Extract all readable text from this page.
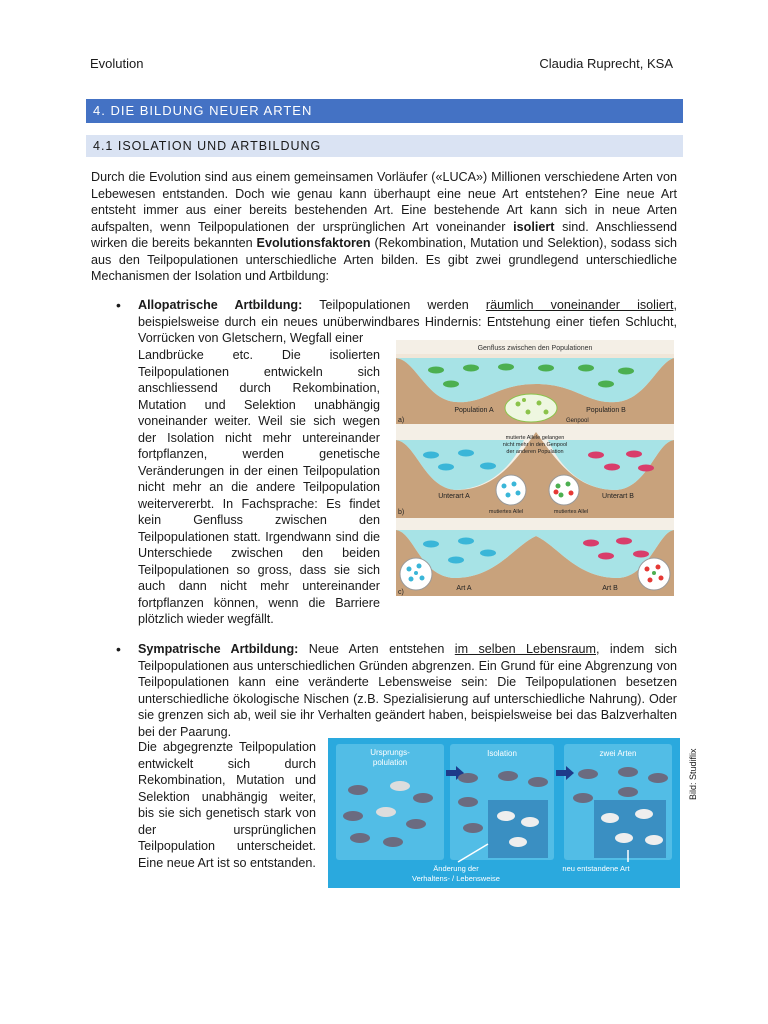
Evolution	Claudia Ruprecht, KSA
4. DIE BILDUNG NEUER ARTEN
4.1 ISOLATION UND ARTBILDUNG
Durch die Evolution sind aus einem gemeinsamen Vorläufer («LUCA») Millionen verschiedene Arten von Lebewesen entstanden. Doch wie genau kann überhaupt eine neue Art entstehen? Eine neue Art entsteht immer aus einer bereits bestehenden Art. Eine bestehende Art kann sich in neue Arten aufspalten, wenn Teilpopulationen der ursprünglichen Art voneinander isoliert sind. Anschliessend wirken die bereits bekannten Evolutionsfaktoren (Rekombination, Mutation und Selektion), sodass sich aus den Teilpopulationen unterschiedliche Arten bilden. Es gibt zwei grundlegend unterschiedliche Mechanismen der Isolation und Artbildung:
• Allopatrische Artbildung: Teilpopulationen werden räumlich voneinander isoliert, beispielsweise durch ein neues unüberwindbares Hindernis: Entstehung einer tiefen Schlucht, Vorrücken von Gletschern, Wegfall einer
Landbrücke etc. Die isolierten Teilpopulationen entwickeln sich anschliessend durch Rekombination, Mutation und Selektion unabhängig voneinander weiter. Weil sie sich wegen der Isolation nicht mehr untereinander fortpflanzen, werden genetische Veränderungen in der einen Teilpopulation nicht mehr an die andere Teilpopulation weitervererbt. In Fachsprache: Es findet kein Genfluss zwischen den Teilpopulationen statt. Irgendwann sind die Unterschiede zwischen den beiden Teilpopulationen so gross, dass sie sich auch dann nicht mehr untereinander fortpflanzen können, wenn die Barriere plötzlich wieder wegfällt.
Genfluss zwischen den Populationen
Population A	Population B
Genpool
a)
mutierte Allele gelangen
nicht mehr in den Genpool
der anderen Population
Unterart A	Unterart B
mutiertes Allel	mutiertes Allel
b)
Art A	Art B
c)
• Sympatrische Artbildung: Neue Arten entstehen im selben Lebensraum, indem sich Teilpopulationen aus unterschiedlichen Gründen abgrenzen. Ein Grund für eine Abgrenzung von Teilpopulationen kann eine veränderte Lebensweise sein: Die Teilpopulationen besetzen unterschiedliche ökologische Nischen (z.B. Spezialisierung auf unterschiedliche Nahrung). Oder sie grenzen sich ab, weil sie ihr Verhalten geändert haben, beispielsweise bei das Balzverhalten bei der Paarung.
Die abgegrenzte Teilpopulation entwickelt sich durch Rekombination, Mutation und Selektion unabhängig weiter, bis sie sich genetisch stark von der ursprünglichen Teilpopulation unterscheidet. Eine neue Art ist so entstanden.
Ursprungs-
polulation
Isolation	zwei Arten
Änderung der
Verhaltens- / Lebensweise
neu entstandene Art
Bild: Studiflix
